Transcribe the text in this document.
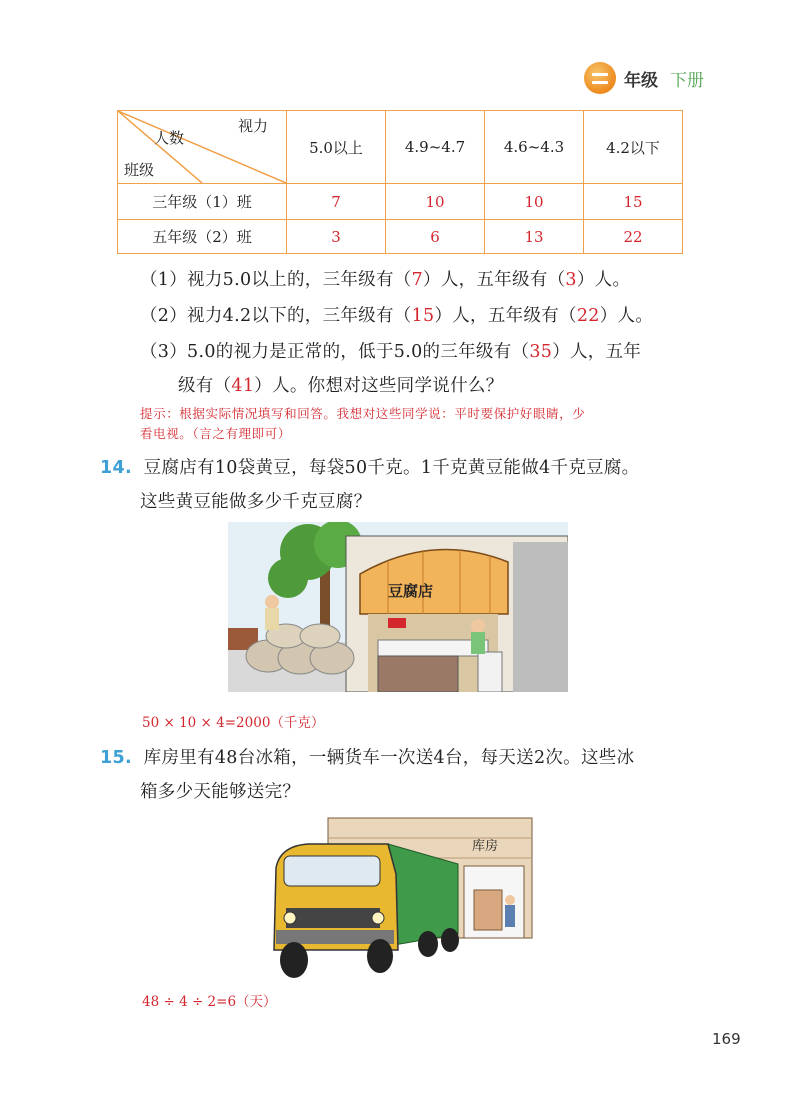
年级 下册
视力
人数
班级	5.0以上	4.9~4.7	4.6~4.3	4.2以下
三年级（1）班	7	10	10	15
五年级（2）班	3	6	13	22
（1）视力5.0以上的，三年级有（7）人，五年级有（3）人。
（2）视力4.2以下的，三年级有（15）人，五年级有（22）人。
（3）5.0的视力是正常的，低于5.0的三年级有（35）人，五年
级有（41）人。你想对这些同学说什么？
提示：根据实际情况填写和回答。我想对这些同学说：平时要保护好眼睛，少
看电视。（言之有理即可）
14. 豆腐店有10袋黄豆，每袋50千克。1千克黄豆能做4千克豆腐。
这些黄豆能做多少千克豆腐？
豆腐店
50 × 10 × 4=2000（千克）
15. 库房里有48台冰箱，一辆货车一次送4台，每天送2次。这些冰
箱多少天能够送完？
库房
48 ÷ 4 ÷ 2=6（天）
169
